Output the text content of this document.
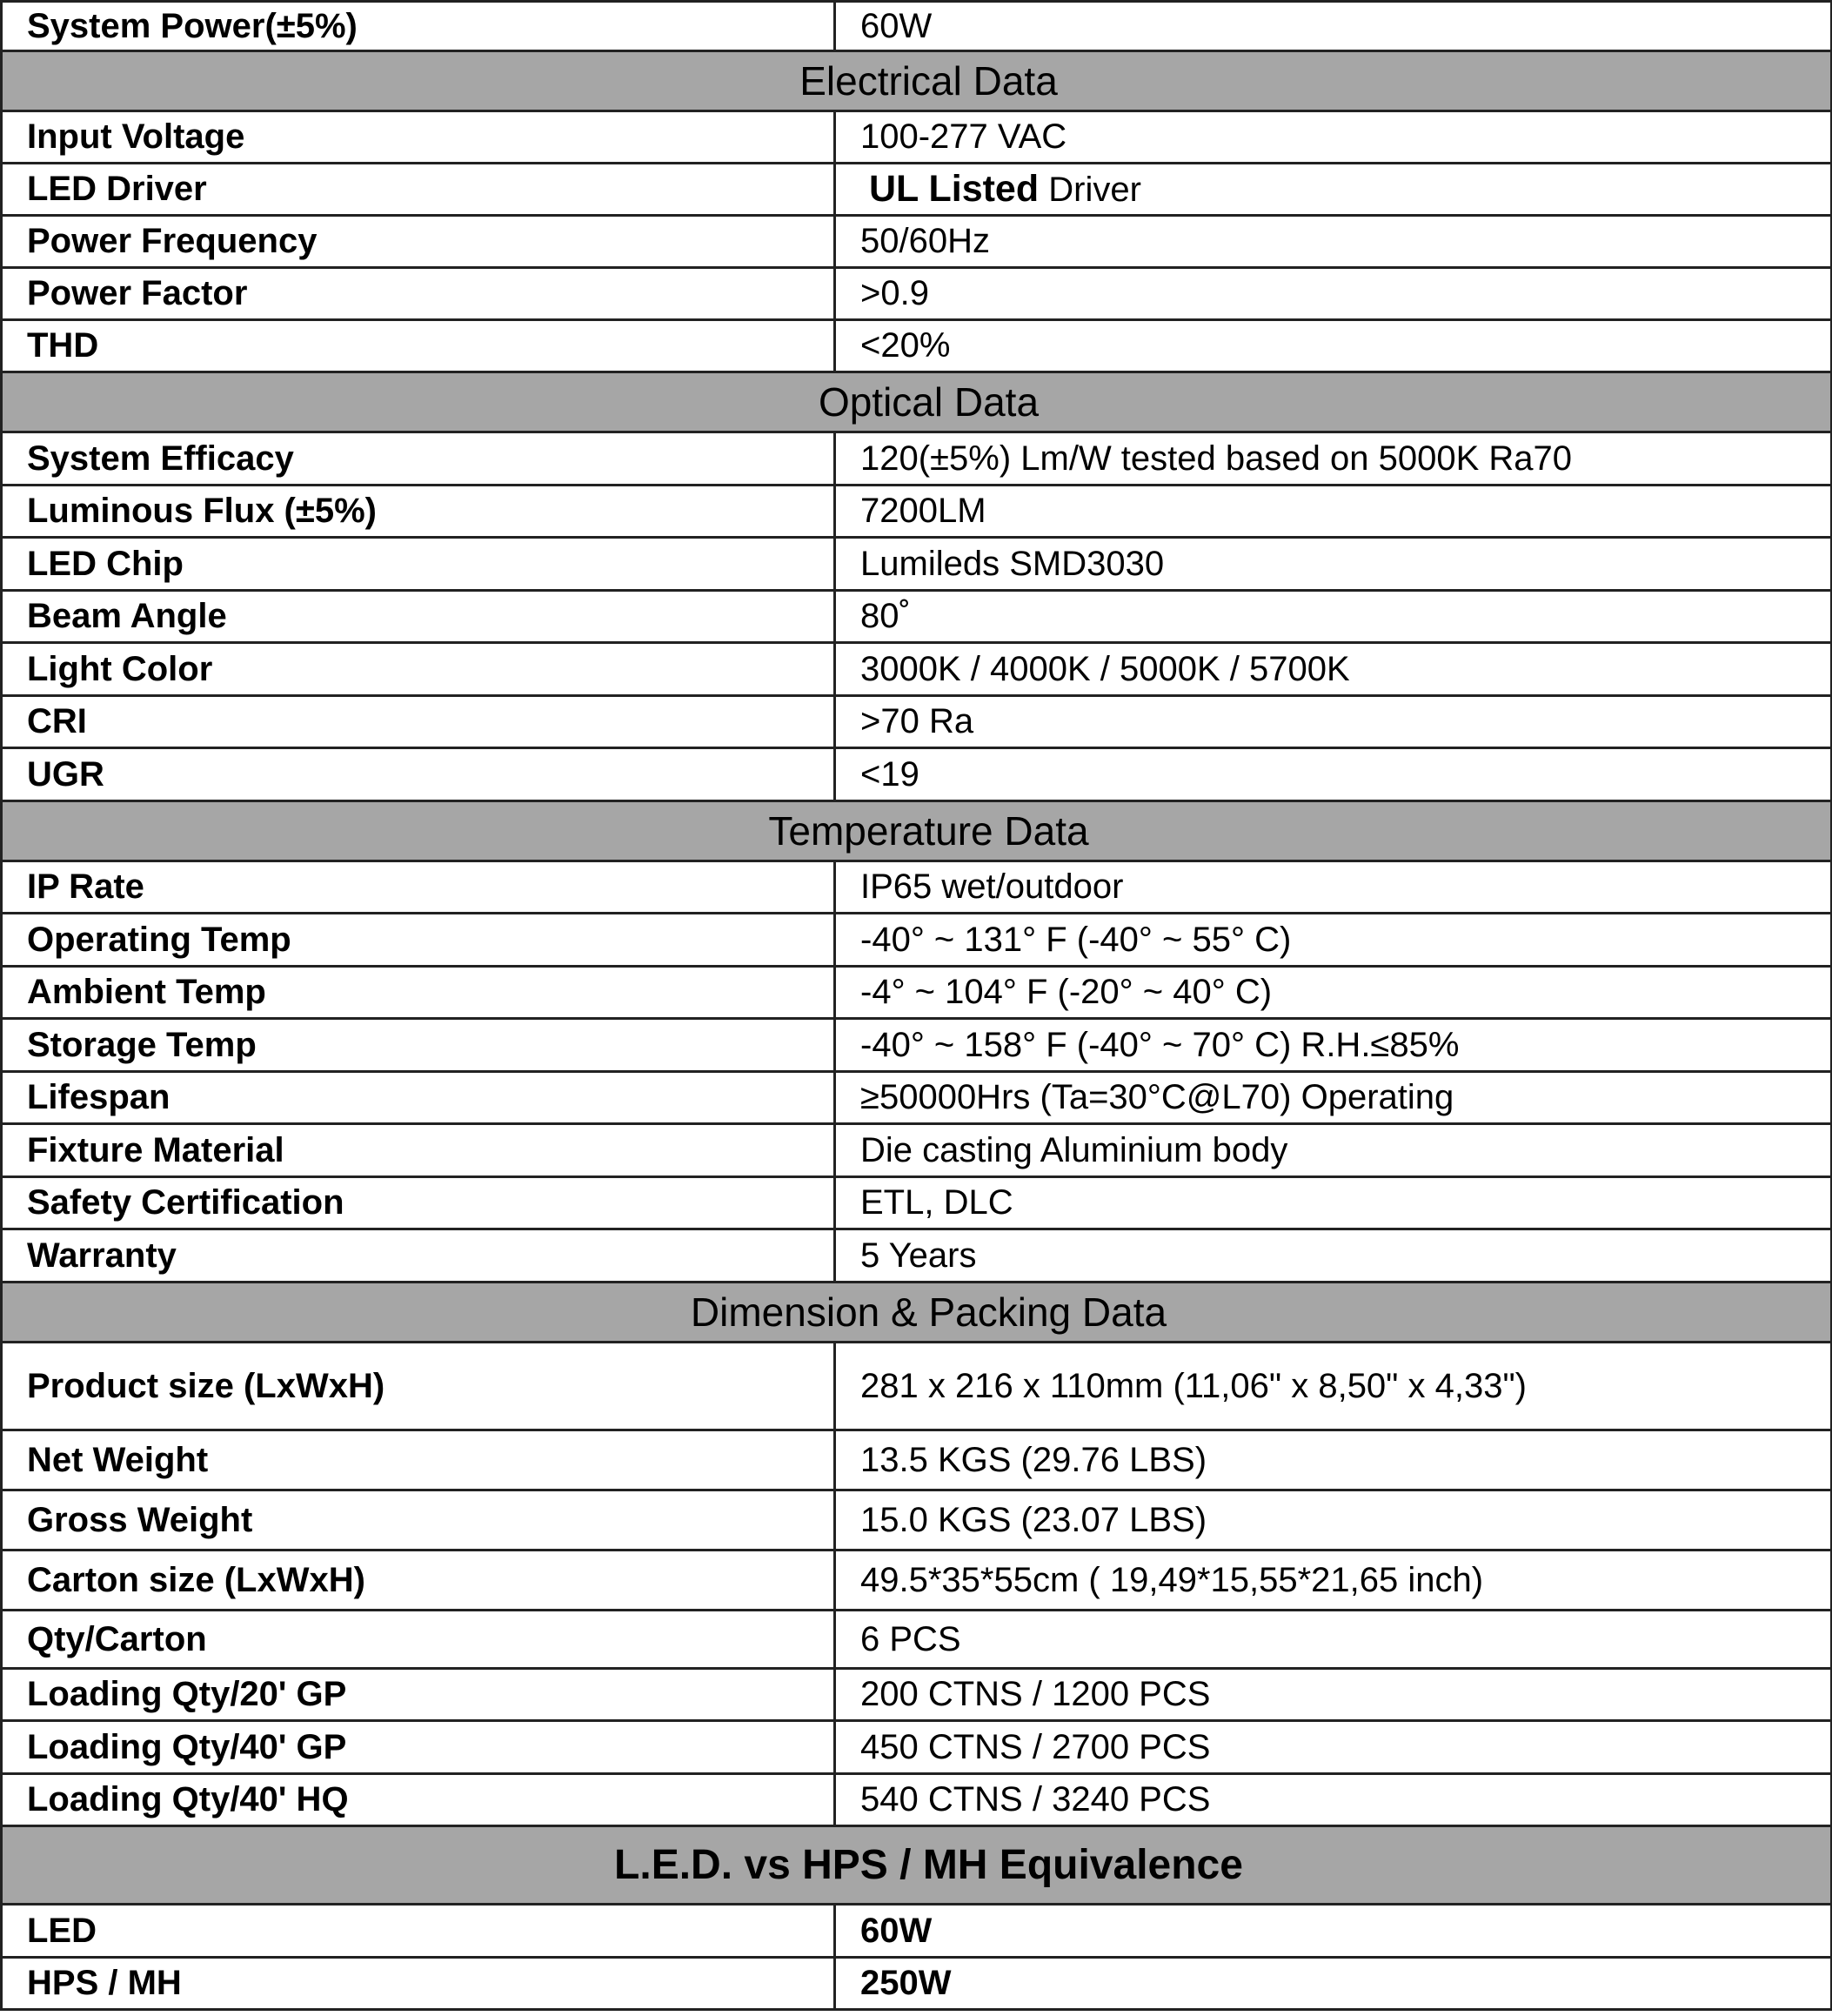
System Power(±5%)	60W
Electrical Data	
Input Voltage	100-277 VAC
LED Driver	UL Listed Driver
Power Frequency	50/60Hz
Power Factor	>0.9
THD	<20%
Optical Data	
System Efficacy	120(±5%) Lm/W tested based on 5000K Ra70
Luminous Flux (±5%)	7200LM
LED Chip	Lumileds SMD3030
Beam Angle	80˚
Light Color	3000K / 4000K / 5000K / 5700K
CRI	>70 Ra
UGR	<19
Temperature Data	
IP Rate	IP65 wet/outdoor
Operating Temp	-40° ~ 131° F (-40° ~ 55° C)
Ambient Temp	-4° ~ 104° F (-20° ~ 40° C)
Storage Temp	-40° ~ 158° F (-40° ~ 70° C) R.H.≤85%
Lifespan	≥50000Hrs (Ta=30°C@L70) Operating
Fixture Material	Die casting Aluminium body
Safety Certification	ETL, DLC
Warranty	5 Years
Dimension & Packing Data	
Product size (LxWxH)	281 x 216 x 110mm (11,06" x 8,50" x 4,33")
Net Weight	13.5 KGS (29.76 LBS)
Gross Weight	15.0 KGS (23.07 LBS)
Carton size (LxWxH)	49.5*35*55cm ( 19,49*15,55*21,65 inch)
Qty/Carton	6 PCS
Loading Qty/20' GP	200 CTNS / 1200 PCS
Loading Qty/40' GP	450 CTNS / 2700 PCS
Loading Qty/40' HQ	540 CTNS / 3240 PCS
L.E.D. vs HPS / MH Equivalence	
LED	60W
HPS / MH	250W
